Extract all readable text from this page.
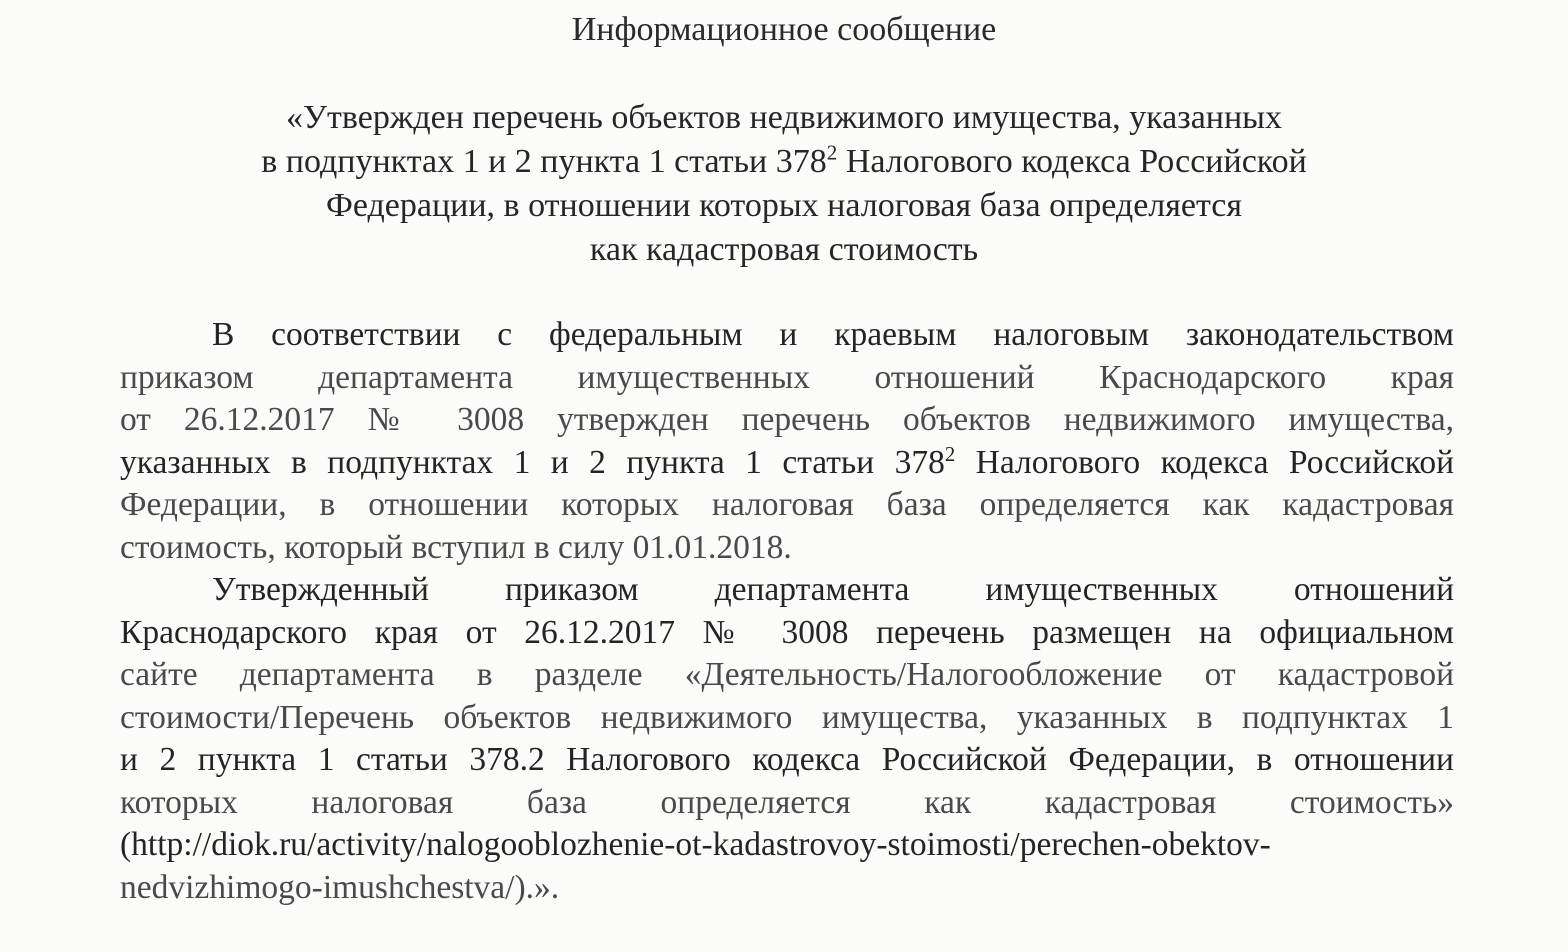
Информационное сообщение
«Утвержден перечень объектов недвижимого имущества, указанных
в подпунктах 1 и 2 пункта 1 статьи $378^2$ Налогового кодекса Российской
Федерации, в отношении которых налоговая база определяется
как кадастровая стоимость
В соответствии с федеральным и краевым налоговым законодательством
приказом департамента имущественных отношений Краснодарского края
от 26.12.2017 № 3008 утвержден перечень объектов недвижимого имущества,
указанных в подпунктах 1 и 2 пункта 1 статьи $378^2$ Налогового кодекса Российской
Федерации, в отношении которых налоговая база определяется как кадастровая
стоимость, который вступил в силу 01.01.2018.
Утвержденный приказом департамента имущественных отношений
Краснодарского края от 26.12.2017 № 3008 перечень размещен на официальном
сайте департамента в разделе «Деятельность/Налогообложение от кадастровой
стоимости/Перечень объектов недвижимого имущества, указанных в подпунктах 1
и 2 пункта 1 статьи 378.2 Налогового кодекса Российской Федерации, в отношении
которых налоговая база определяется как кадастровая стоимость»
(http://diok.ru/activity/nalogooblozhenie-ot-kadastrovoy-stoimosti/perechen-obektov-
nedvizhimogo-imushchestva/).».
